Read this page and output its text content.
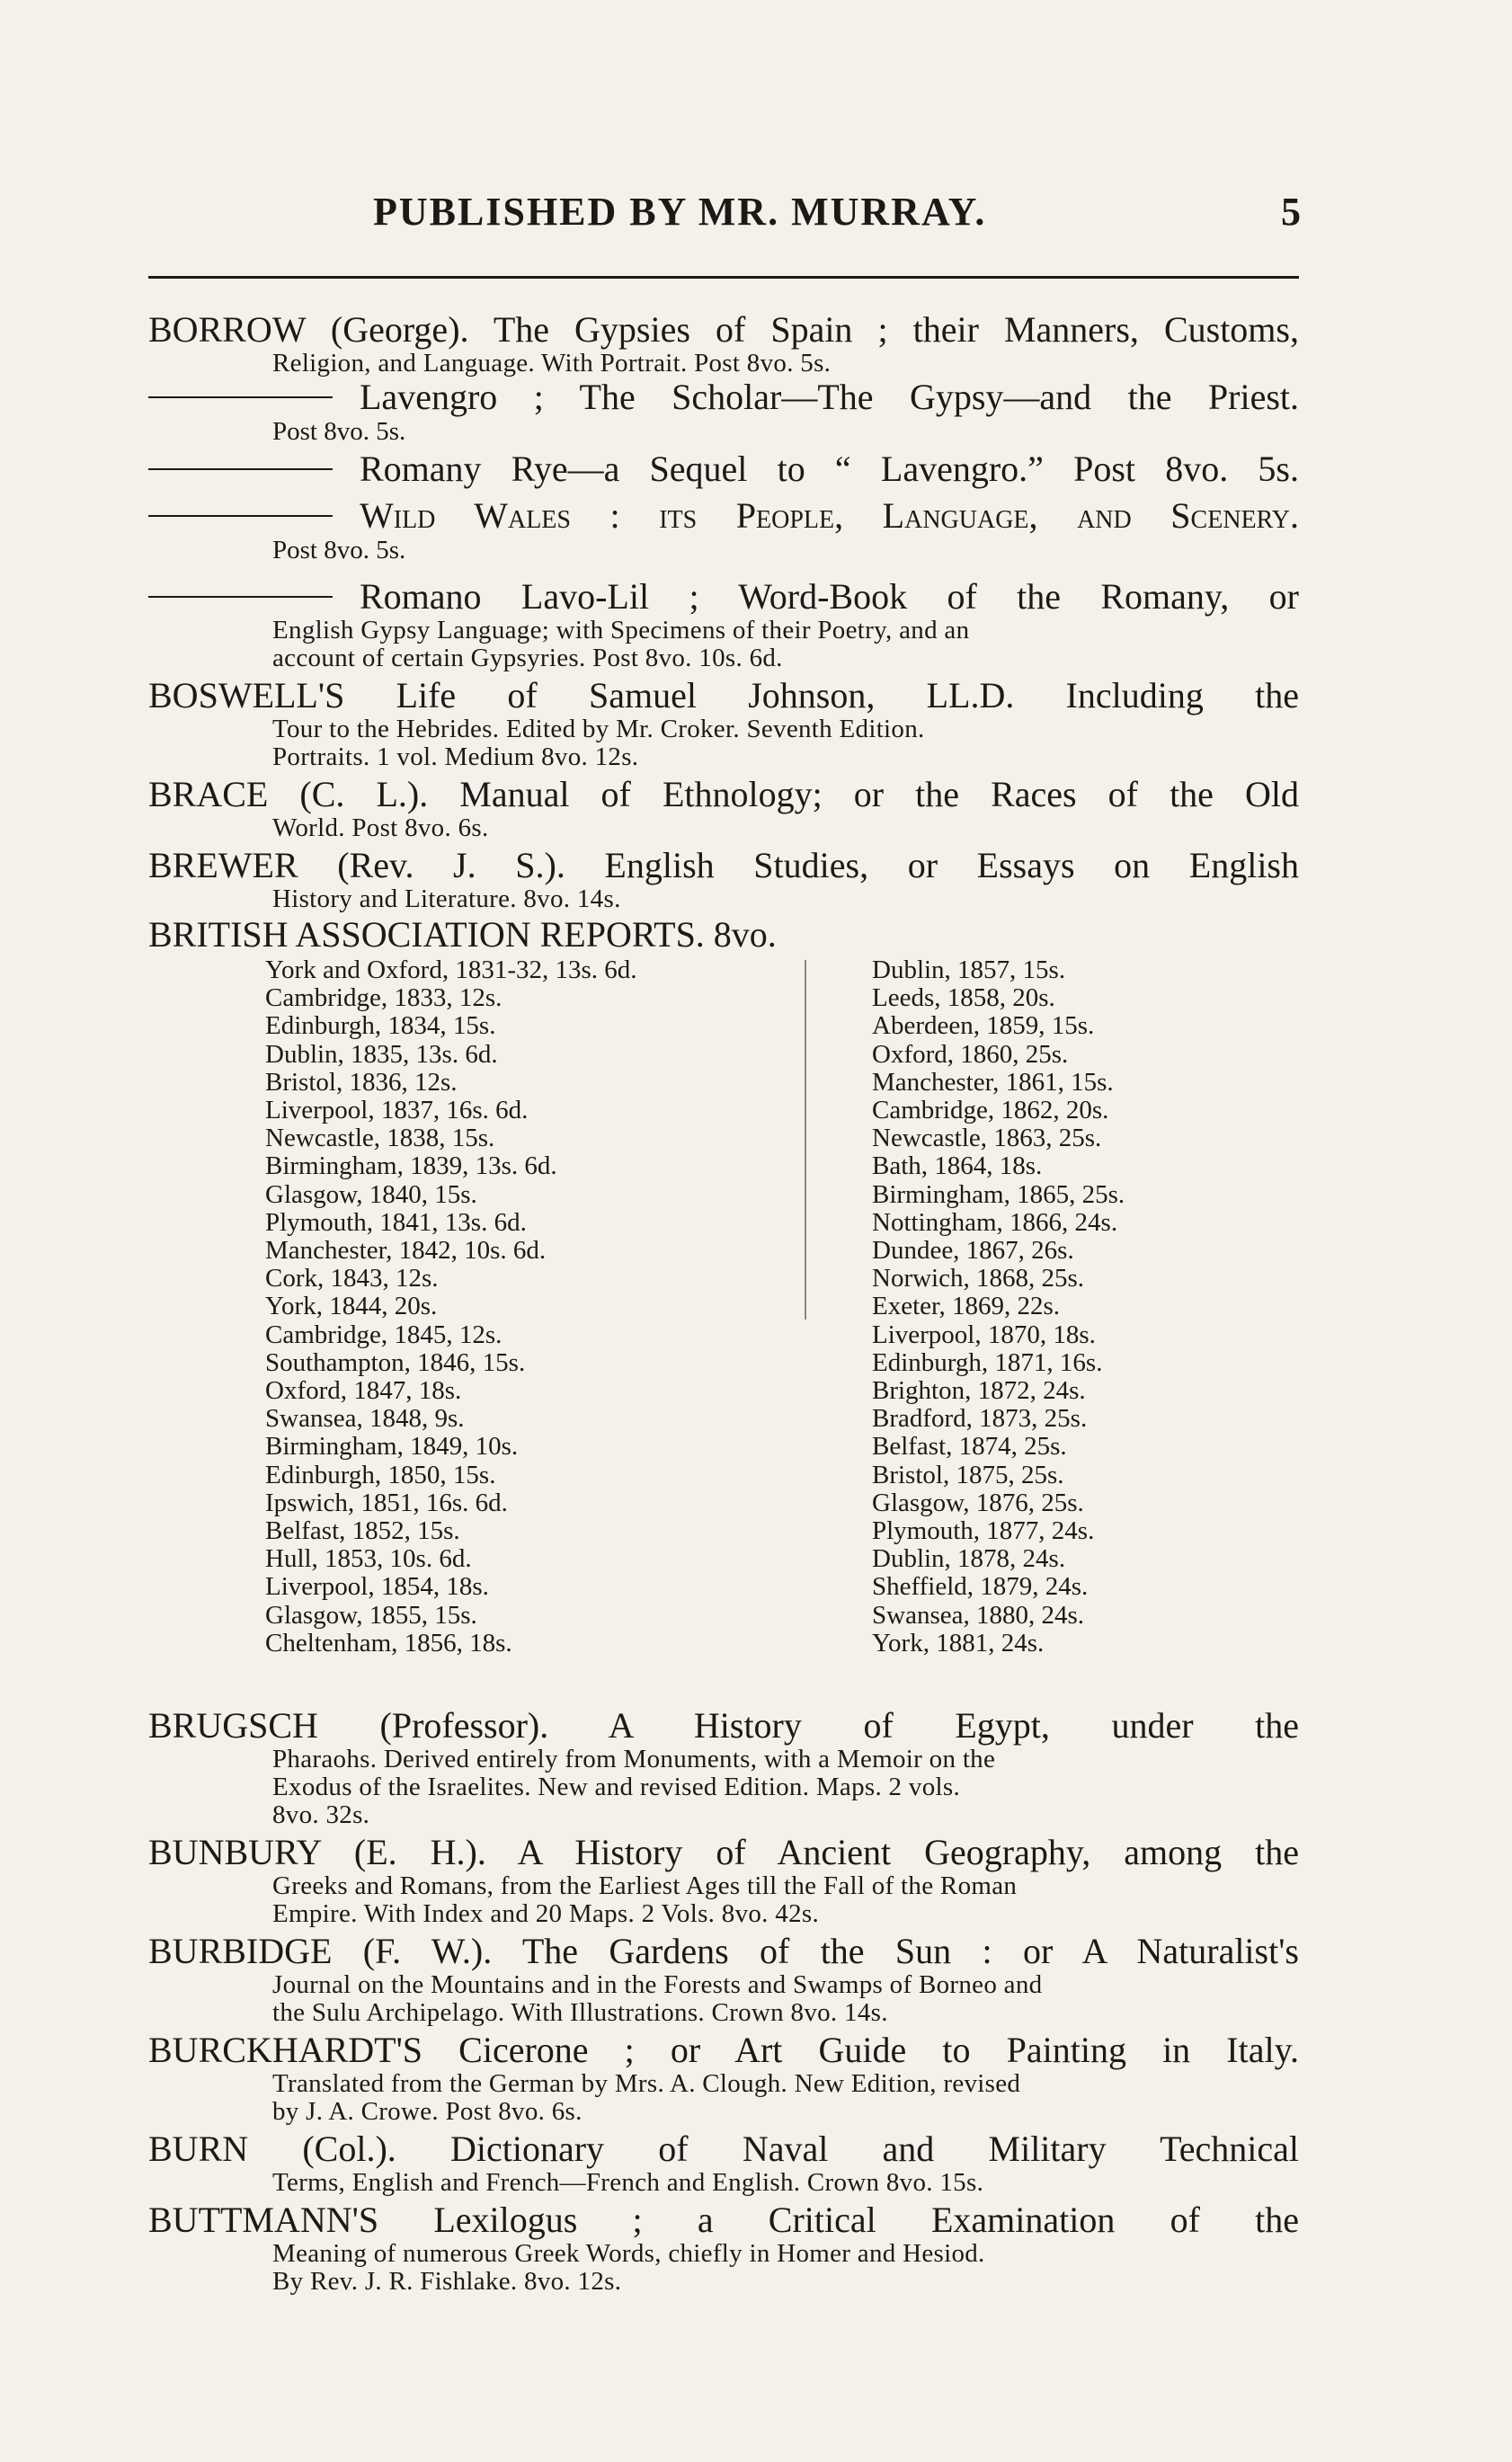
PUBLISHED BY MR. MURRAY.	5
BORROW (George). The Gypsies of Spain ; their Manners, Customs,
Religion, and Language. With Portrait. Post 8vo. 5s.
Lavengro ; The Scholar—The Gypsy—and the Priest.
Post 8vo. 5s.
Romany Rye—a Sequel to “ Lavengro.” Post 8vo. 5s.
Wild Wales : its People, Language, and Scenery.
Post 8vo. 5s.
Romano Lavo-Lil ; Word-Book of the Romany, or
English Gypsy Language; with Specimens of their Poetry, and an
account of certain Gypsyries. Post 8vo. 10s. 6d.
BOSWELL'S Life of Samuel Johnson, LL.D. Including the
Tour to the Hebrides. Edited by Mr. Croker. Seventh Edition.
Portraits. 1 vol. Medium 8vo. 12s.
BRACE (C. L.). Manual of Ethnology; or the Races of the Old
World. Post 8vo. 6s.
BREWER (Rev. J. S.). English Studies, or Essays on English
History and Literature. 8vo. 14s.
BRITISH ASSOCIATION REPORTS. 8vo.
York and Oxford, 1831-32, 13s. 6d.
Cambridge, 1833, 12s.
Edinburgh, 1834, 15s.
Dublin, 1835, 13s. 6d.
Bristol, 1836, 12s.
Liverpool, 1837, 16s. 6d.
Newcastle, 1838, 15s.
Birmingham, 1839, 13s. 6d.
Glasgow, 1840, 15s.
Plymouth, 1841, 13s. 6d.
Manchester, 1842, 10s. 6d.
Cork, 1843, 12s.
York, 1844, 20s.
Cambridge, 1845, 12s.
Southampton, 1846, 15s.
Oxford, 1847, 18s.
Swansea, 1848, 9s.
Birmingham, 1849, 10s.
Edinburgh, 1850, 15s.
Ipswich, 1851, 16s. 6d.
Belfast, 1852, 15s.
Hull, 1853, 10s. 6d.
Liverpool, 1854, 18s.
Glasgow, 1855, 15s.
Cheltenham, 1856, 18s.
Dublin, 1857, 15s.
Leeds, 1858, 20s.
Aberdeen, 1859, 15s.
Oxford, 1860, 25s.
Manchester, 1861, 15s.
Cambridge, 1862, 20s.
Newcastle, 1863, 25s.
Bath, 1864, 18s.
Birmingham, 1865, 25s.
Nottingham, 1866, 24s.
Dundee, 1867, 26s.
Norwich, 1868, 25s.
Exeter, 1869, 22s.
Liverpool, 1870, 18s.
Edinburgh, 1871, 16s.
Brighton, 1872, 24s.
Bradford, 1873, 25s.
Belfast, 1874, 25s.
Bristol, 1875, 25s.
Glasgow, 1876, 25s.
Plymouth, 1877, 24s.
Dublin, 1878, 24s.
Sheffield, 1879, 24s.
Swansea, 1880, 24s.
York, 1881, 24s.
BRUGSCH (Professor). A History of Egypt, under the
Pharaohs. Derived entirely from Monuments, with a Memoir on the
Exodus of the Israelites. New and revised Edition. Maps. 2 vols.
8vo. 32s.
BUNBURY (E. H.). A History of Ancient Geography, among the
Greeks and Romans, from the Earliest Ages till the Fall of the Roman
Empire. With Index and 20 Maps. 2 Vols. 8vo. 42s.
BURBIDGE (F. W.). The Gardens of the Sun : or A Naturalist's
Journal on the Mountains and in the Forests and Swamps of Borneo and
the Sulu Archipelago. With Illustrations. Crown 8vo. 14s.
BURCKHARDT'S Cicerone ; or Art Guide to Painting in Italy.
Translated from the German by Mrs. A. Clough. New Edition, revised
by J. A. Crowe. Post 8vo. 6s.
BURN (Col.). Dictionary of Naval and Military Technical
Terms, English and French—French and English. Crown 8vo. 15s.
BUTTMANN'S Lexilogus ; a Critical Examination of the
Meaning of numerous Greek Words, chiefly in Homer and Hesiod.
By Rev. J. R. Fishlake. 8vo. 12s.
